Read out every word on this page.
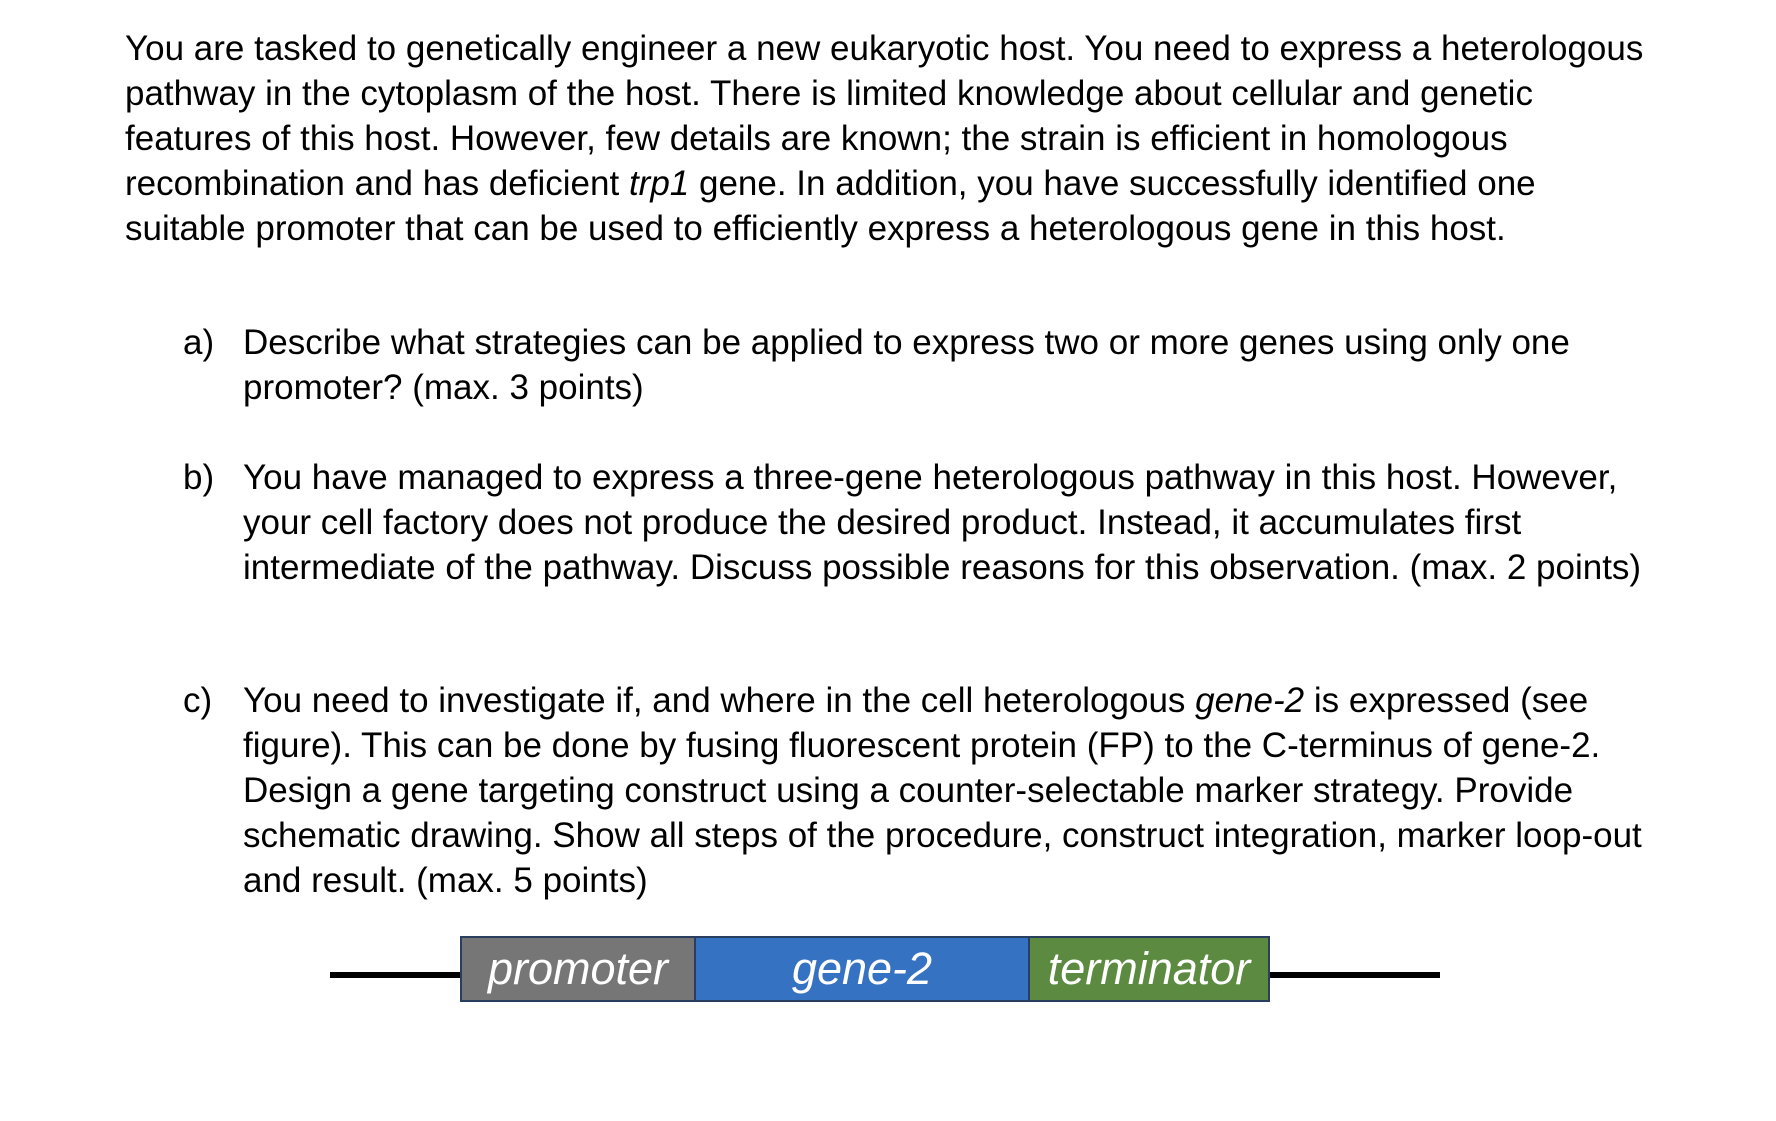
You are tasked to genetically engineer a new eukaryotic host. You need to express a heterologous pathway in the cytoplasm of the host. There is limited knowledge about cellular and genetic features of this host. However, few details are known; the strain is efficient in homologous recombination and has deficient trp1 gene. In addition, you have successfully identified one suitable promoter that can be used to efficiently express a heterologous gene in this host.

a) Describe what strategies can be applied to express two or more genes using only one promoter? (max. 3 points)
b) You have managed to express a three-gene heterologous pathway in this host. However, your cell factory does not produce the desired product. Instead, it accumulates first intermediate of the pathway. Discuss possible reasons for this observation. (max. 2 points)
c) You need to investigate if, and where in the cell heterologous gene-2 is expressed (see figure). This can be done by fusing fluorescent protein (FP) to the C-terminus of gene-2. Design a gene targeting construct using a counter-selectable marker strategy. Provide schematic drawing. Show all steps of the procedure, construct integration, marker loop-out and result. (max. 5 points)
promoter	gene-2	terminator
